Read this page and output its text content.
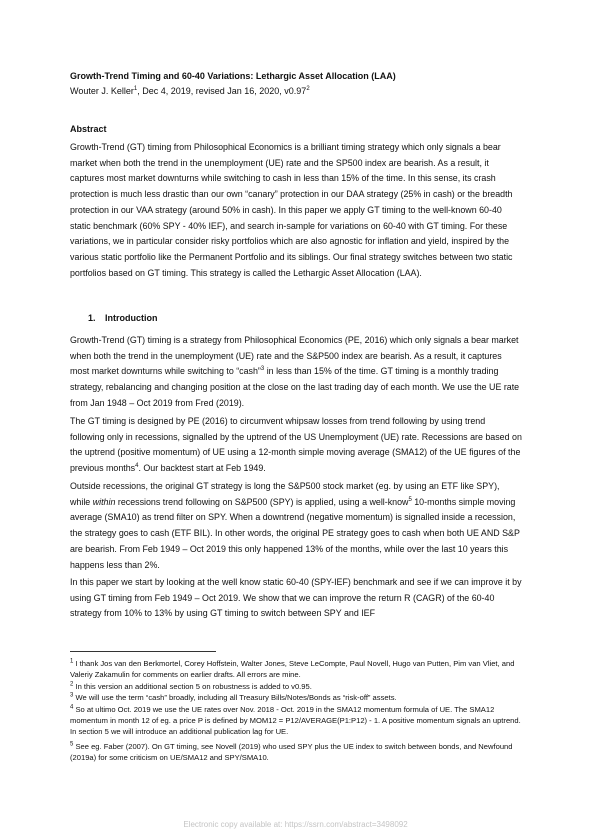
Growth-Trend Timing and 60-40 Variations: Lethargic Asset Allocation (LAA)
Wouter J. Keller$^1$, Dec 4, 2019, revised Jan 16, 2020, v0.97$^2$
Abstract

Growth-Trend (GT) timing from Philosophical Economics is a brilliant timing strategy which only signals a bear market when both the trend in the unemployment (UE) rate and the SP500 index are bearish. As a result, it captures most market downturns while switching to cash in less than 15% of the time. In this sense, its crash protection is much less drastic than our own “canary” protection in our DAA strategy (25% in cash) or the breadth protection in our VAA strategy (around 50% in cash). In this paper we apply GT timing to the well-known 60-40 static benchmark (60% SPY - 40% IEF), and search in-sample for variations on 60-40 with GT timing. For these variations, we in particular consider risky portfolios which are also agnostic for inflation and yield, inspired by the various static portfolio like the Permanent Portfolio and its siblings. Our final strategy switches between two static portfolios based on GT timing. This strategy is called the Lethargic Asset Allocation (LAA).

1. Introduction

Growth-Trend (GT) timing is a strategy from Philosophical Economics (PE, 2016) which only signals a bear market when both the trend in the unemployment (UE) rate and the S&P500 index are bearish. As a result, it captures most market downturns while switching to “cash”$^3$ in less than 15% of the time. GT timing is a monthly trading strategy, rebalancing and changing position at the close on the last trading day of each month. We use the UE rate from Jan 1948 – Oct 2019 from Fred (2019).

The GT timing is designed by PE (2016) to circumvent whipsaw losses from trend following by using trend following only in recessions, signalled by the uptrend of the US Unemployment (UE) rate. Recessions are based on the uptrend (positive momentum) of UE using a 12-month simple moving average (SMA12) of the UE figures of the previous months$^4$. Our backtest start at Feb 1949.

Outside recessions, the original GT strategy is long the S&P500 stock market (eg. by using an ETF like SPY), while within recessions trend following on S&P500 (SPY) is applied, using a well-know$^5$ 10-months simple moving average (SMA10) as trend filter on SPY. When a downtrend (negative momentum) is signalled inside a recession, the strategy goes to cash (ETF BIL). In other words, the original PE strategy goes to cash when both UE AND S&P are bearish. From Feb 1949 – Oct 2019 this only happened 13% of the months, while over the last 10 years this happens less than 2%.

In this paper we start by looking at the well know static 60-40 (SPY-IEF) benchmark and see if we can improve it by using GT timing from Feb 1949 – Oct 2019. We show that we can improve the return R (CAGR) of the 60-40 strategy from 10% to 13% by using GT timing to switch between SPY and IEF

$^1$ I thank Jos van den Berkmortel, Corey Hoffstein, Walter Jones, Steve LeCompte, Paul Novell, Hugo van Putten, Pim van Vliet, and Valeriy Zakamulin for comments on earlier drafts. All errors are mine.

$^2$ In this version an additional section 5 on robustness is added to v0.95.

$^3$ We will use the term “cash” broadly, including all Treasury Bills/Notes/Bonds as “risk-off” assets.

$^4$ So at ultimo Oct. 2019 we use the UE rates over Nov. 2018 - Oct. 2019 in the SMA12 momentum formula of UE. The SMA12 momentum in month 12 of eg. a price P is defined by MOM12 = P12/AVERAGE(P1:P12) - 1. A positive momentum signals an uptrend. In section 5 we will introduce an additional publication lag for UE.

$^5$ See eg. Faber (2007). On GT timing, see Novell (2019) who used SPY plus the UE index to switch between bonds, and Newfound (2019a) for some criticism on UE/SMA12 and SPY/SMA10.

Electronic copy available at: https://ssrn.com/abstract=3498092
